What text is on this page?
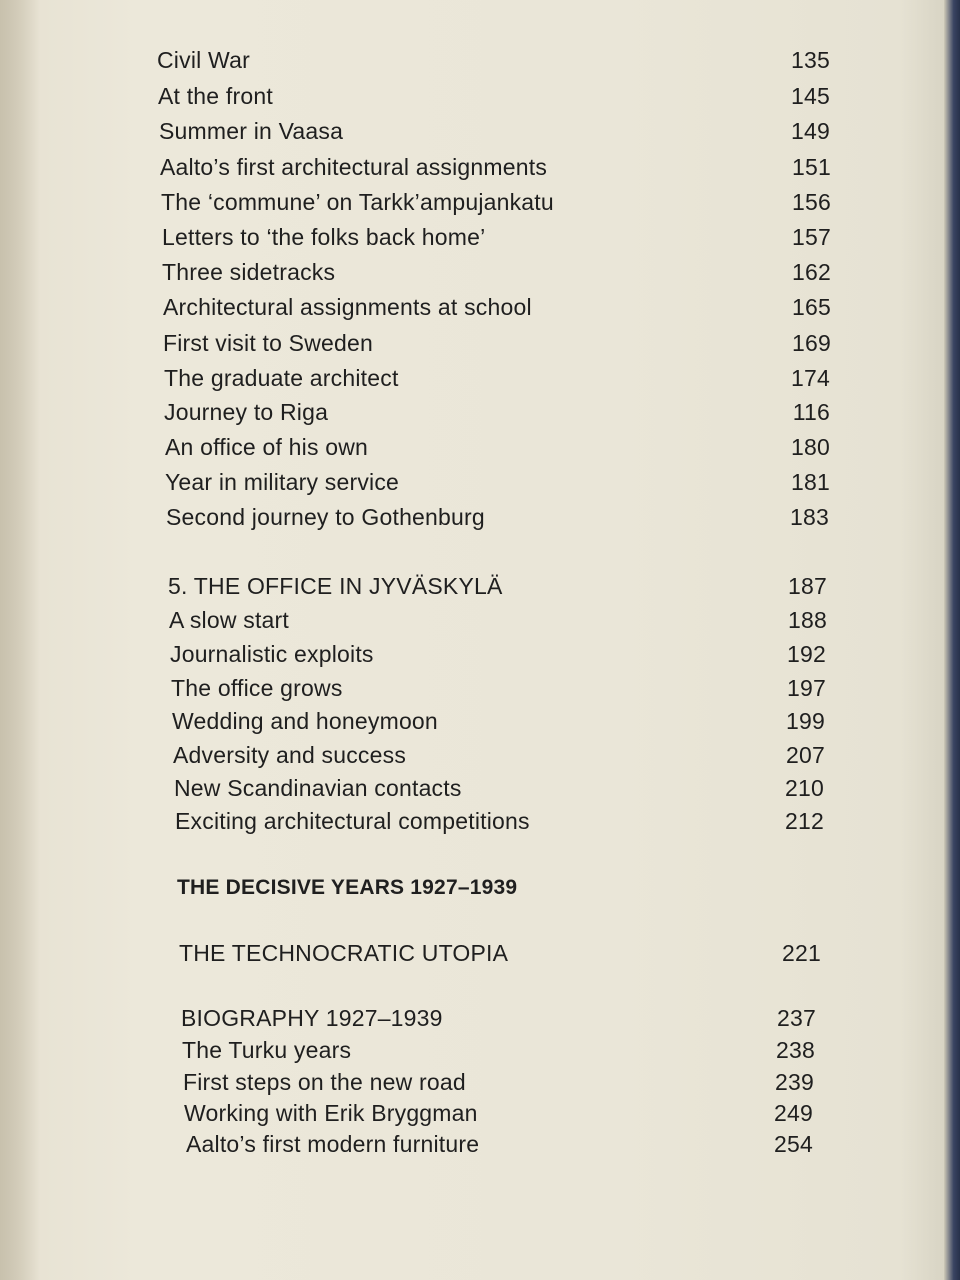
Civil War	135
At the front	145
Summer in Vaasa	149
Aalto’s first architectural assignments	151
The ‘commune’ on Tarkk’ampujankatu	156
Letters to ‘the folks back home’	157
Three sidetracks	162
Architectural assignments at school	165
First visit to Sweden	169
The graduate architect	174
Journey to Riga	116
An office of his own	180
Year in military service	181
Second journey to Gothenburg	183
5. THE OFFICE IN JYVÄSKYLÄ	187
A slow start	188
Journalistic exploits	192
The office grows	197
Wedding and honeymoon	199
Adversity and success	207
New Scandinavian contacts	210
Exciting architectural competitions	212
THE DECISIVE YEARS 1927–1939
THE TECHNOCRATIC UTOPIA	221
BIOGRAPHY 1927–1939	237
The Turku years	238
First steps on the new road	239
Working with Erik Bryggman	249
Aalto’s first modern furniture	254
